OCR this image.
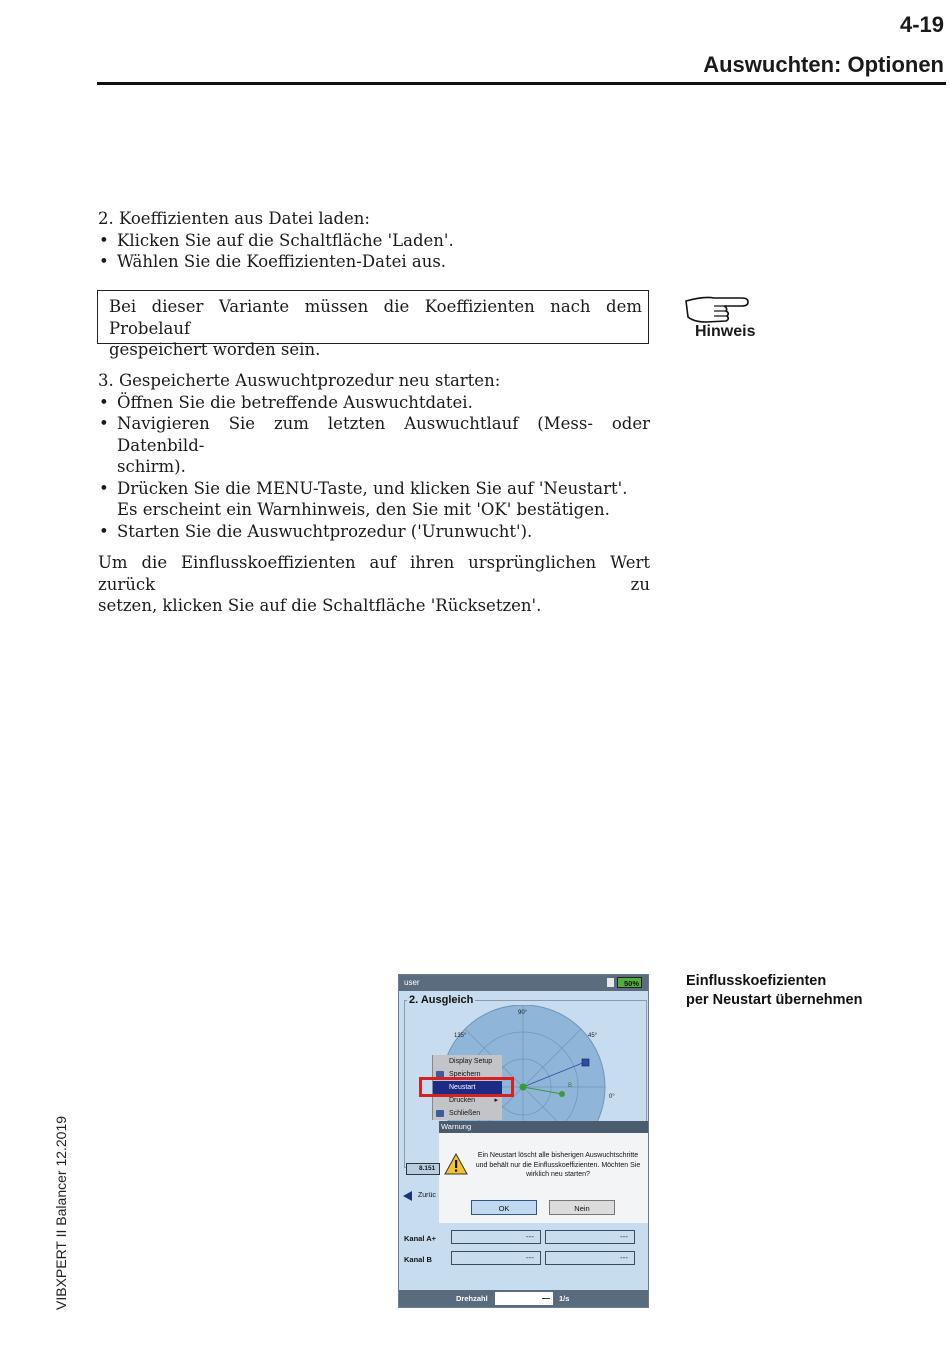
4-19
Auswuchten: Optionen
2. Koeffizienten aus Datei laden:
• Klicken Sie auf die Schaltfläche 'Laden'.
• Wählen Sie die Koeffizienten-Datei aus.
Bei dieser Variante müssen die Koeffizienten nach dem Probelauf
gespeichert worden sein.
Hinweis
3. Gespeicherte Auswuchtprozedur neu starten:
• Öffnen Sie die betreffende Auswuchtdatei.
• Navigieren Sie zum letzten Auswuchtlauf (Mess- oder Datenbild-
schirm).
• Drücken Sie die MENU-Taste, und klicken Sie auf 'Neustart'.
Es erscheint ein Warnhinweis, den Sie mit 'OK' bestätigen.
• Starten Sie die Auswuchtprozedur ('Urunwucht').
Um die Einflusskoeffizienten auf ihren ursprünglichen Wert zurück zu
setzen, klicken Sie auf die Schaltfläche 'Rücksetzen'.
user	50%
2. Ausgleich
90°
135°	45°
0°
B
Display Setup
Speichern
Neustart
Drucken	▸
Schließen
Warnung
Ein Neustart löscht alle bisherigen Auswuchtschritte und behält nur die Einflusskoeffizienten. Möchten Sie wirklich neu starten?
OK	Nein
8.151
Zurüc
Kanal A+	---	---
Kanal B	---	---
Drehzahl	—	1/s
Einflusskoefizienten
per Neustart übernehmen
VIBXPERT II Balancer 12.2019
